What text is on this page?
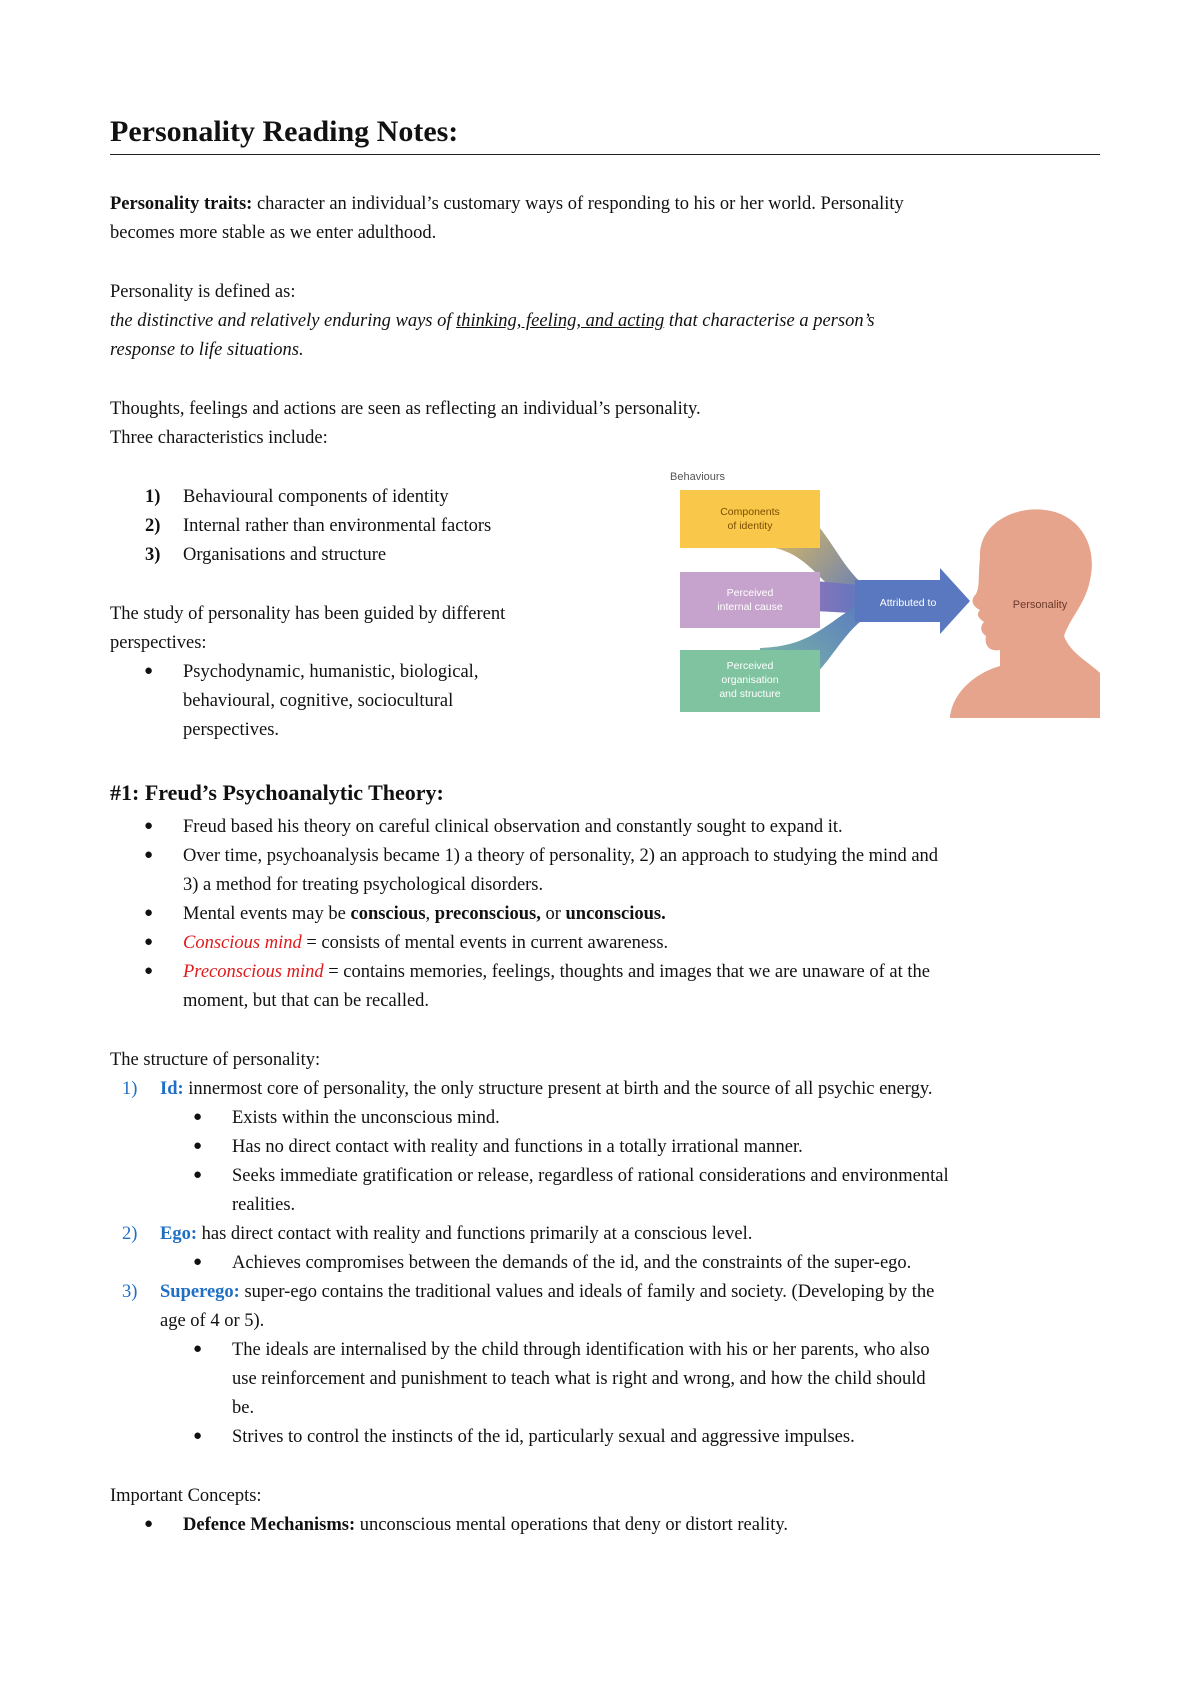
Personality Reading Notes:

Personality traits: character an individual’s customary ways of responding to his or her world. Personality

becomes more stable as we enter adulthood.

Personality is defined as:

the distinctive and relatively enduring ways of thinking, feeling, and acting that characterise a person’s

response to life situations.

Thoughts, feelings and actions are seen as reflecting an individual’s personality.

Three characteristics include:

1) Behavioural components of identity
2) Internal rather than environmental factors
3) Organisations and structure

The study of personality has been guided by different

perspectives:

● Psychodynamic, humanistic, biological,

behavioural, cognitive, sociocultural

perspectives.

Behaviours
Attributed to
Components
of identity
Perceived
internal cause
Perceived
organisation
and structure
Personality
#1: Freud’s Psychoanalytic Theory:
● Freud based his theory on careful clinical observation and constantly sought to expand it.

● Over time, psychoanalysis became 1) a theory of personality, 2) an approach to studying the mind and

3) a method for treating psychological disorders.

● Mental events may be conscious, preconscious, or unconscious.

● Conscious mind = consists of mental events in current awareness.

● Preconscious mind = contains memories, feelings, thoughts and images that we are unaware of at the

moment, but that can be recalled.

The structure of personality:

1) Id: innermost core of personality, the only structure present at birth and the source of all psychic energy.

● Exists within the unconscious mind.

● Has no direct contact with reality and functions in a totally irrational manner.

● Seeks immediate gratification or release, regardless of rational considerations and environmental

realities.

2) Ego: has direct contact with reality and functions primarily at a conscious level.

● Achieves compromises between the demands of the id, and the constraints of the super-ego.

3) Superego: super-ego contains the traditional values and ideals of family and society. (Developing by the

age of 4 or 5).

● The ideals are internalised by the child through identification with his or her parents, who also

use reinforcement and punishment to teach what is right and wrong, and how the child should

be.

● Strives to control the instincts of the id, particularly sexual and aggressive impulses.

Important Concepts:

● Defence Mechanisms: unconscious mental operations that deny or distort reality.
